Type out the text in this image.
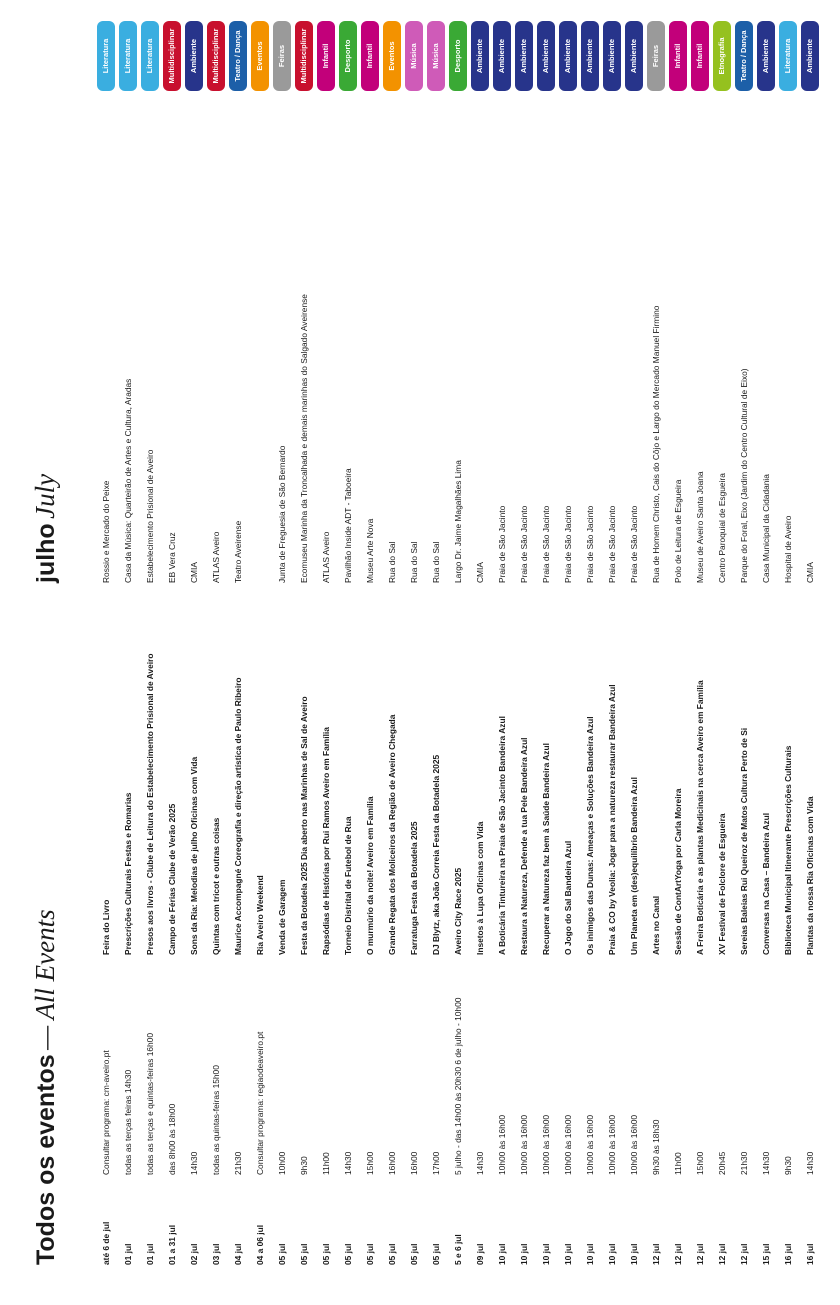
Todos os eventos — All Events
julho July
até 6 de jul
Consultar programa: cm-aveiro.pt
Feira do Livro
Rossio e Mercado do Peixe
Literatura
01 jul
todas as terças feiras 14h30
Prescrições Culturais Festas e Romarias
Casa da Música: Quarteirão de Artes e Cultura, Aradas
Literatura
01 jul
todas as terças e quintas-feiras 16h00
Presos aos livros - Clube de Leitura do Estabelecimento Prisional de Aveiro
Estabelecimento Prisional de Aveiro
Literatura
01 a 31 jul
das 8h00 às 18h00
Campo de Férias Clube de Verão 2025
EB Vera Cruz
Multidisciplinar
02 jul
14h30
Sons da Ria: Melodias de julho Oficinas com Vida
CMIA
Ambiente
03 jul
todas as quintas-feiras 15h00
Quintas com tricot e outras coisas
ATLAS Aveiro
Multidisciplinar
04 jul
21h30
Maurice Accompagné Coreografia e direção artística de Paulo Ribeiro
Teatro Aveirense
Teatro / Dança
04 a 06 jul
Consultar programa: regiaodeaveiro.pt
Ria Aveiro Weekend
Eventos
05 jul
10h00
Venda de Garagem
Junta de Freguesia de São Bernardo
Feiras
05 jul
9h30
Festa da Botadela 2025 Dia aberto nas Marinhas de Sal de Aveiro
Ecomuseu Marinha da Troncalhada e demais marinhas do Salgado Aveirense
Multidisciplinar
05 jul
11h00
Rapsódias de Histórias por Rui Ramos Aveiro em Família
ATLAS Aveiro
Infantil
05 jul
14h30
Torneio Distrital de Futebol de Rua
Pavilhão Inside ADT - Taboeira
Desporto
05 jul
15h00
O murmúrio da noite! Aveiro em Família
Museu Arte Nova
Infantil
05 jul
16h00
Grande Regata dos Moliceiros da Região de Aveiro Chegada
Rua do Sal
Eventos
05 jul
16h00
Farratuga Festa da Botadela 2025
Rua do Sal
Música
05 jul
17h00
DJ Blytz, aka João Correia Festa da Botadela 2025
Rua do Sal
Música
5 e 6 jul
5 julho - das 14h00 às 20h30 6 de julho - 10h00
Aveiro City Race 2025
Largo Dr. Jaime Magalhães Lima
Desporto
09 jul
14h30
Insetos à Lupa Oficinas com Vida
CMIA
Ambiente
10 jul
10h00 às 16h00
A Boticária Tintureira na Praia de São Jacinto Bandeira Azul
Praia de São Jacinto
Ambiente
10 jul
10h00 às 16h00
Restaura a Natureza, Defende a tua Pele Bandeira Azul
Praia de São Jacinto
Ambiente
10 jul
10h00 às 16h00
Recuperar a Natureza faz bem à Saúde Bandeira Azul
Praia de São Jacinto
Ambiente
10 jul
10h00 às 16h00
O Jogo do Sal Bandeira Azul
Praia de São Jacinto
Ambiente
10 jul
10h00 às 16h00
Os inimigos das Dunas: Ameaças e Soluções Bandeira Azul
Praia de São Jacinto
Ambiente
10 jul
10h00 às 16h00
Praia & CO by Veolia: Jogar para a natureza restaurar Bandeira Azul
Praia de São Jacinto
Ambiente
10 jul
10h00 às 16h00
Um Planeta em (des)equilíbrio Bandeira Azul
Praia de São Jacinto
Ambiente
12 jul
9h30 às 18h30
Artes no Canal
Rua de Homem Christo, Cais do Côjo e Largo do Mercado Manuel Firmino
Feiras
12 jul
11h00
Sessão de ContArtYoga por Carla Moreira
Polo de Leitura de Esgueira
Infantil
12 jul
15h00
A Freira Boticária e as plantas Medicinais na cerca Aveiro em Família
Museu de Aveiro Santa Joana
Infantil
12 jul
20h45
XV Festival de Folclore de Esgueira
Centro Paroquial de Esgueira
Etnografia
12 jul
21h30
Sereias Baleias Rui Queiroz de Matos Cultura Perto de Si
Parque do Foral, Eixo (Jardim do Centro Cultural de Eixo)
Teatro / Dança
15 jul
14h30
Conversas na Casa – Bandeira Azul
Casa Municipal da Cidadania
Ambiente
16 jul
9h30
Biblioteca Municipal Itinerante Prescrições Culturais
Hospital de Aveiro
Literatura
16 jul
14h30
Plantas da nossa Ria Oficinas com Vida
CMIA
Ambiente
